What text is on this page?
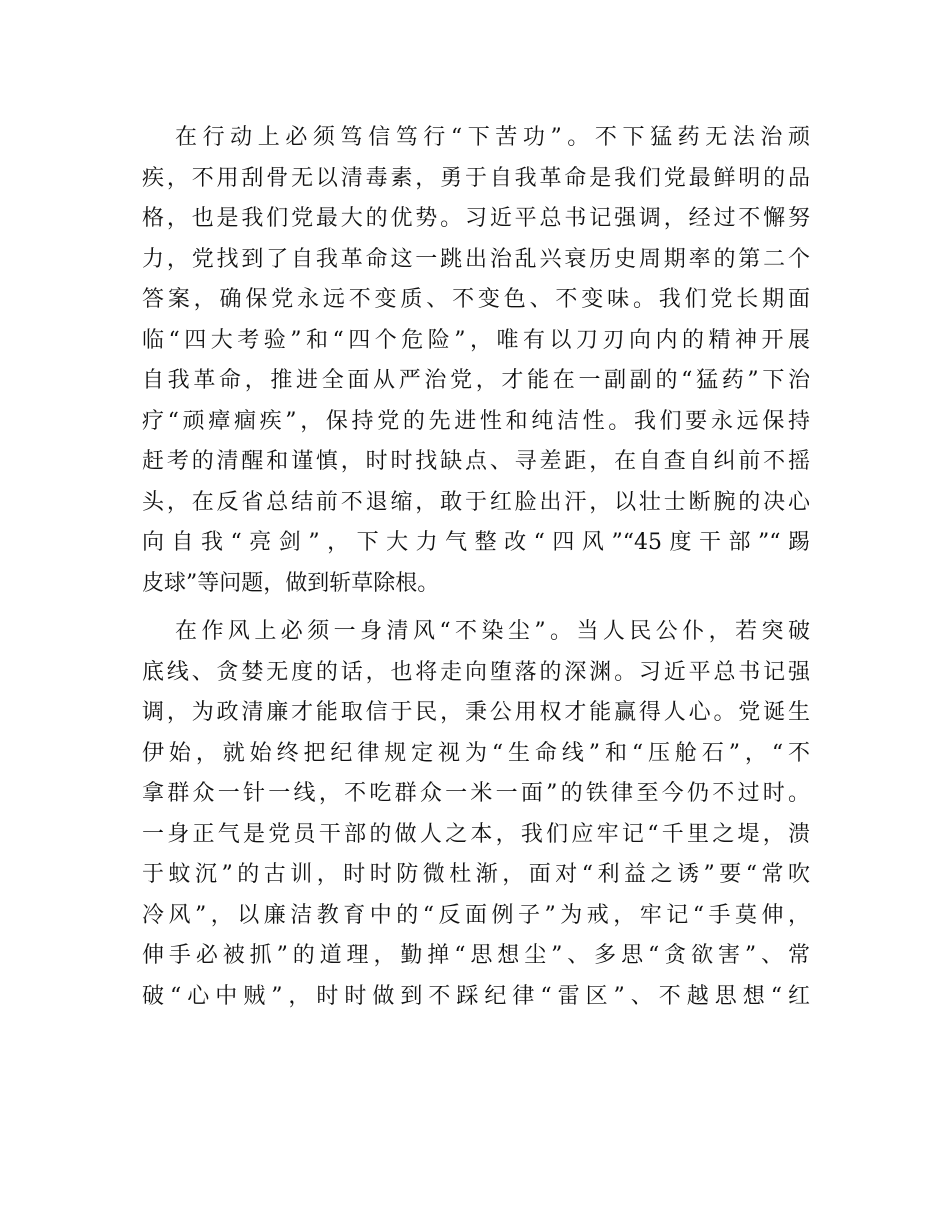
在行动上必须笃信笃行“下苦功”。不下猛药无法治顽
疾，不用刮骨无以清毒素，勇于自我革命是我们党最鲜明的品
格，也是我们党最大的优势。习近平总书记强调，经过不懈努
力，党找到了自我革命这一跳出治乱兴衰历史周期率的第二个
答案，确保党永远不变质、不变色、不变味。我们党长期面
临“四大考验”和“四个危险”，唯有以刀刃向内的精神开展
自我革命，推进全面从严治党，才能在一副副的“猛药”下治
疗“顽瘴痼疾”，保持党的先进性和纯洁性。我们要永远保持
赶考的清醒和谨慎，时时找缺点、寻差距，在自查自纠前不摇
头，在反省总结前不退缩，敢于红脸出汗，以壮士断腕的决心
向自我“亮剑”，下大力气整改“四风”“45度干部”“踢
皮球”等问题，做到斩草除根。
在作风上必须一身清风“不染尘”。当人民公仆，若突破
底线、贪婪无度的话，也将走向堕落的深渊。习近平总书记强
调，为政清廉才能取信于民，秉公用权才能赢得人心。党诞生
伊始，就始终把纪律规定视为“生命线”和“压舱石”，“不
拿群众一针一线，不吃群众一米一面”的铁律至今仍不过时。
一身正气是党员干部的做人之本，我们应牢记“千里之堤，溃
于蚊沉”的古训，时时防微杜渐，面对“利益之诱”要“常吹
冷风”，以廉洁教育中的“反面例子”为戒，牢记“手莫伸，
伸手必被抓”的道理，勤掸“思想尘”、多思“贪欲害”、常
破“心中贼”，时时做到不踩纪律“雷区”、不越思想“红
